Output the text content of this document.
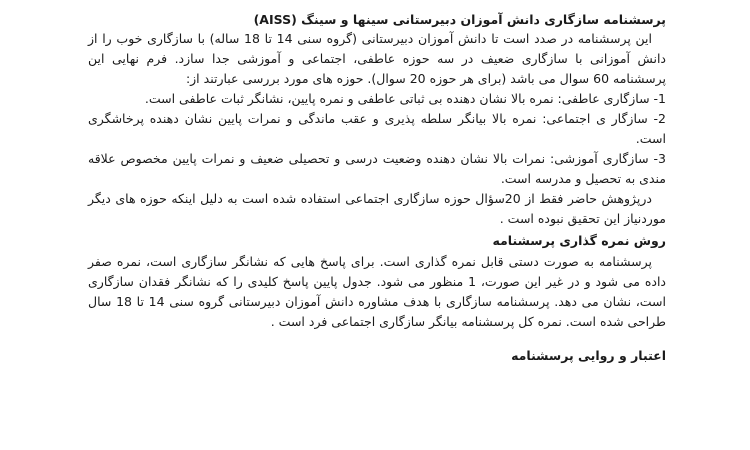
پرسشنامه سازگاری دانش آموزان دبیرستانی سینها و سینگ (AISS)

این پرسشنامه در صدد است تا دانش آموزان دبیرستانی (گروه سنی 14 تا 18 ساله) با سازگاری خوب را از دانش آموزانی با سازگاری ضعیف در سه حوزه عاطفی، اجتماعی و آموزشی جدا سازد. فرم نهایی این پرسشنامه 60 سوال می باشد (برای هر حوزه 20 سوال). حوزه های مورد بررسی عبارتند از:

1- سازگاری عاطفی: نمره بالا نشان دهنده بی ثباتی عاطفی و نمره پایین، نشانگر ثبات عاطفی است.

2- سازگار ی اجتماعی: نمره بالا بیانگر سلطه پذیری و عقب ماندگی و نمرات پایین نشان دهنده پرخاشگری است.

3- سازگاری آموزشی: نمرات بالا نشان دهنده وضعیت درسی و تحصیلی ضعیف و نمرات پایین مخصوص علاقه مندی به تحصیل و مدرسه است.

درپژوهش حاضر فقط از 20سؤال حوزه سازگاری اجتماعی استفاده شده است به دلیل اینکه حوزه های دیگر موردنیاز این تحقیق نبوده است .

روش نمره گذاری پرسشنامه

پرسشنامه به صورت دستی قابل نمره گذاری است. برای پاسخ هایی که نشانگر سازگاری است، نمره صفر داده می شود و در غیر این صورت، 1 منظور می شود. جدول پایین پاسخ کلیدی را که نشانگر فقدان سازگاری است، نشان می دهد. پرسشنامه سازگاری با هدف مشاوره دانش آموزان دبیرستانی گروه سنی 14 تا 18 سال طراحی شده است. نمره کل پرسشنامه بیانگر سازگاری اجتماعی فرد است .

اعتبار و روایی پرسشنامه
